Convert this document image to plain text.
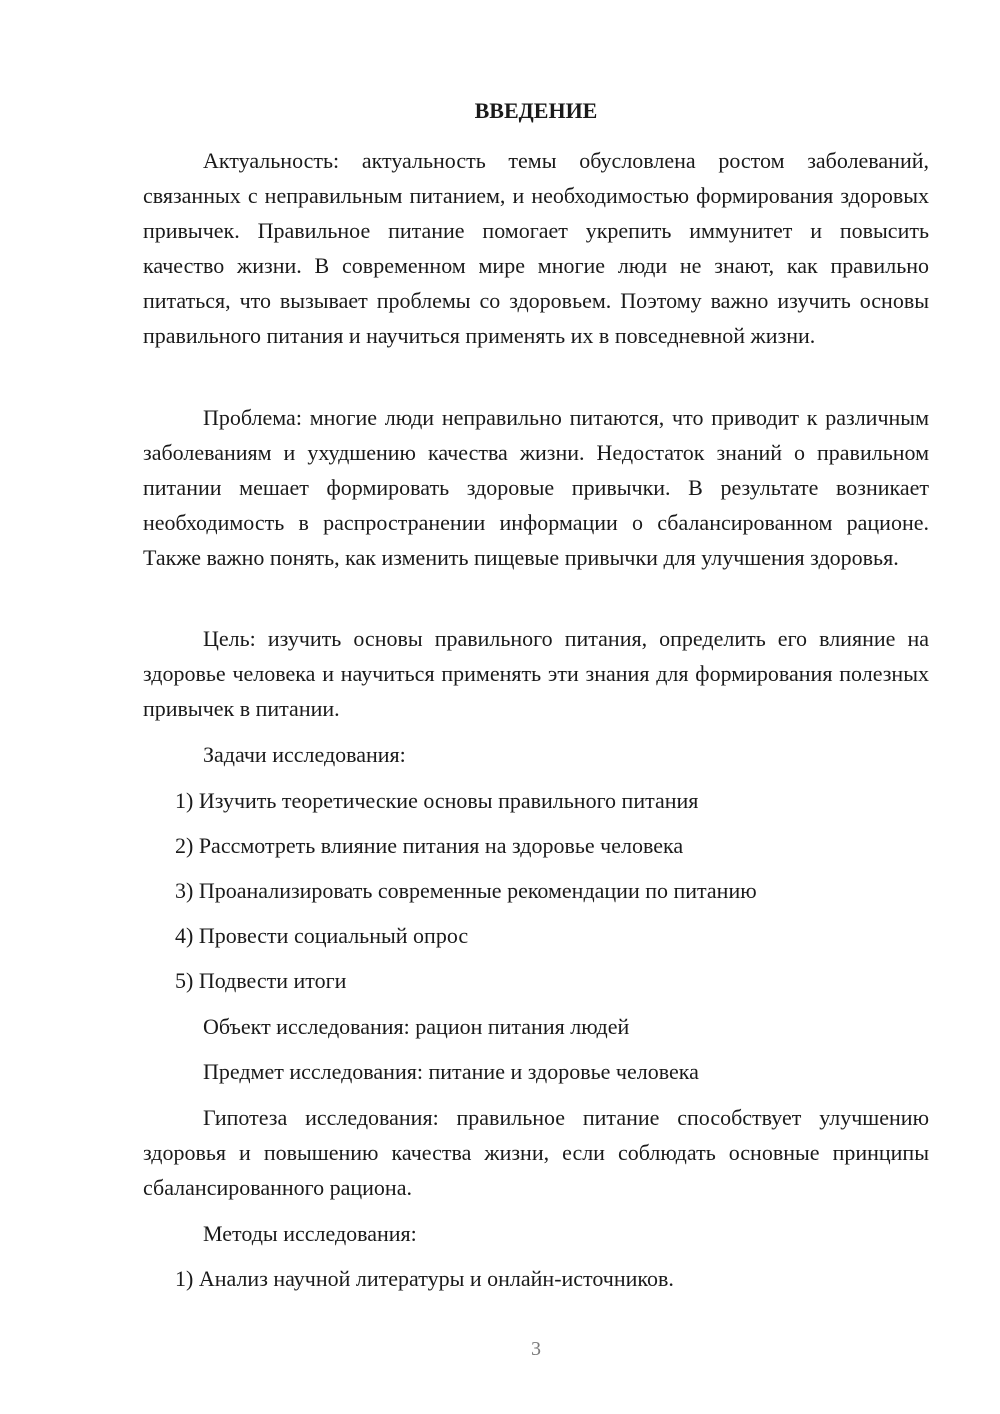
ВВЕДЕНИЕ

Актуальность: актуальность темы обусловлена ростом заболеваний, связанных с неправильным питанием, и необходимостью формирования здоровых привычек. Правильное питание помогает укрепить иммунитет и повысить качество жизни. В современном мире многие люди не знают, как правильно питаться, что вызывает проблемы со здоровьем. Поэтому важно изучить основы правильного питания и научиться применять их в повседневной жизни.

Проблема: многие люди неправильно питаются, что приводит к различным заболеваниям и ухудшению качества жизни. Недостаток знаний о правильном питании мешает формировать здоровые привычки. В результате возникает необходимость в распространении информации о сбалансированном рационе. Также важно понять, как изменить пищевые привычки для улучшения здоровья.

Цель: изучить основы правильного питания, определить его влияние на здоровье человека и научиться применять эти знания для формирования полезных привычек в питании.

Задачи исследования:

1) Изучить теоретические основы правильного питания

2) Рассмотреть влияние питания на здоровье человека

3) Проанализировать современные рекомендации по питанию

4) Провести социальный опрос

5) Подвести итоги

Объект исследования: рацион питания людей

Предмет исследования: питание и здоровье человека

Гипотеза исследования: правильное питание способствует улучшению здоровья и повышению качества жизни, если соблюдать основные принципы сбалансированного рациона.

Методы исследования:

1) Анализ научной литературы и онлайн-источников.

3
